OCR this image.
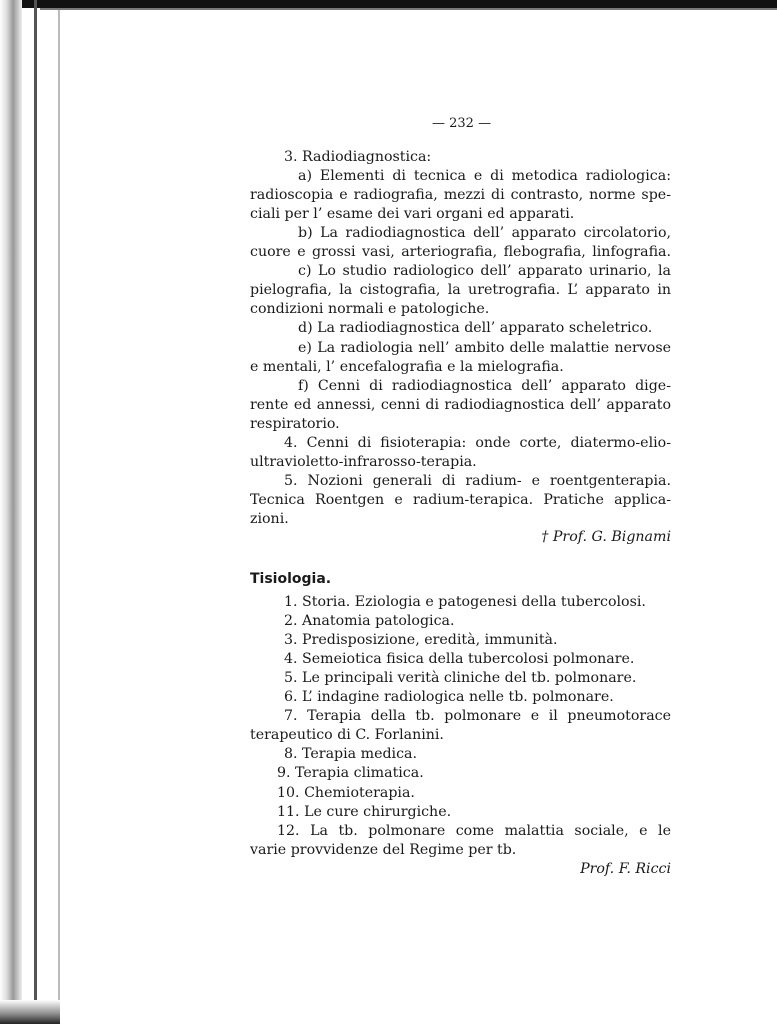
— 232 —
3. Radiodiagnostica:
a) Elementi di tecnica e di metodica radiologica:
radioscopia e radiografia, mezzi di contrasto, norme spe-
ciali per l’ esame dei vari organi ed apparati.
b) La radiodiagnostica dell’ apparato circolatorio,
cuore e grossi vasi, arteriografia, flebografia, linfografia.
c) Lo studio radiologico dell’ apparato urinario, la
pielografia, la cistografia, la uretrografia. L’ apparato in
condizioni normali e patologiche.
d) La radiodiagnostica dell’ apparato scheletrico.
e) La radiologia nell’ ambito delle malattie nervose
e mentali, l’ encefalografia e la mielografia.
f) Cenni di radiodiagnostica dell’ apparato dige-
rente ed annessi, cenni di radiodiagnostica dell’ apparato
respiratorio.
4. Cenni di fisioterapia: onde corte, diatermo-elio-
ultravioletto-infrarosso-terapia.
5. Nozioni generali di radium- e roentgenterapia.
Tecnica Roentgen e radium-terapica. Pratiche applica-
zioni.
† Prof. G. Bignami
Tisiologia.
1. Storia. Eziologia e patogenesi della tubercolosi.
2. Anatomia patologica.
3. Predisposizione, eredità, immunità.
4. Semeiotica fisica della tubercolosi polmonare.
5. Le principali verità cliniche del tb. polmonare.
6. L’ indagine radiologica nelle tb. polmonare.
7. Terapia della tb. polmonare e il pneumotorace
terapeutico di C. Forlanini.
8. Terapia medica.
9. Terapia climatica.
10. Chemioterapia.
11. Le cure chirurgiche.
12. La tb. polmonare come malattia sociale, e le
varie provvidenze del Regime per tb.
Prof. F. Ricci
